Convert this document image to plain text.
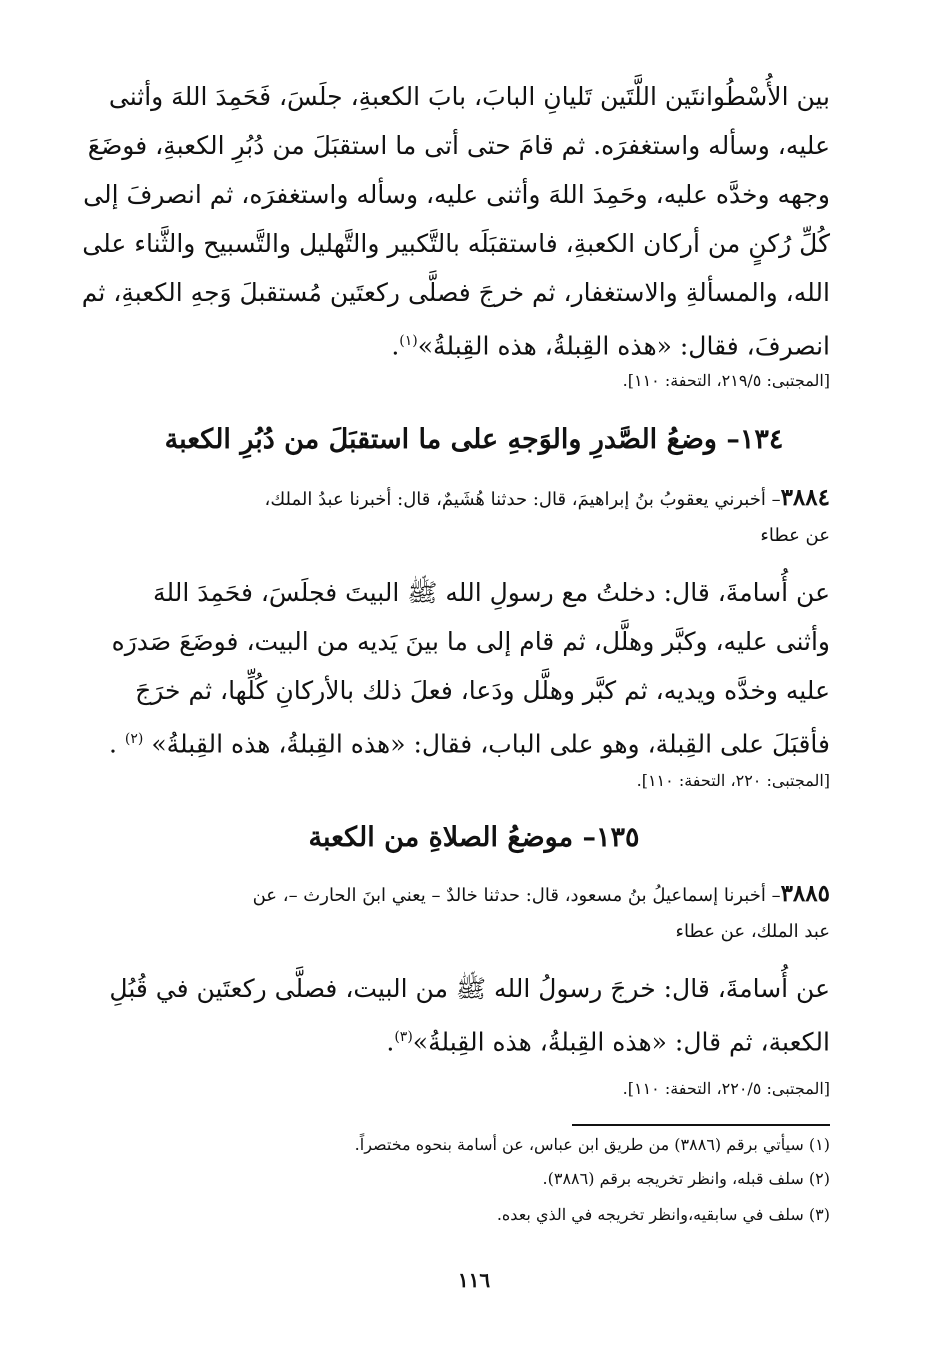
بين الأُسْطُوانتَين اللَّتَين تَليانِ البابَ، بابَ الكعبةِ، جلَسَ، فَحَمِدَ اللهَ وأثنى
عليه، وسأله واستغفرَه. ثم قامَ حتى أتى ما استقبَلَ من دُبُرِ الكعبةِ، فوضَعَ
وجهه وخدَّه عليه، وحَمِدَ اللهَ وأثنى عليه، وسأله واستغفرَه، ثم انصرفَ إلى
كُلِّ رُكنٍ من أركان الكعبةِ، فاستقبَلَه بالتَّكبير والتَّهليل والتَّسبيح والثَّناء على
الله، والمسألةِ والاستغفار، ثم خرجَ فصلَّى ركعتَين مُستقبلَ وَجهِ الكعبةِ، ثم
انصرفَ، فقال: «هذه القِبلةُ، هذه القِبلةُ»$^{(١)}$.
[المجتبى: ٢١٩/٥، التحفة: ١١٠].
١٣٤– وضعُ الصَّدرِ والوَجهِ على ما استقبَلَ من دُبُرِ الكعبة
٣٨٨٤– أخبرني يعقوبُ بنُ إبراهيمَ، قال: حدثنا هُشَيمٌ، قال: أخبرنا عبدُ الملك،
عن عطاء
عن أُسامةَ، قال: دخلتُ مع رسولِ الله ﷺ البيتَ فجلَسَ، فحَمِدَ اللهَ
وأثنى عليه، وكبَّر وهلَّل، ثم قام إلى ما بينَ يَديه من البيت، فوضَعَ صَدرَه
عليه وخدَّه ويديه، ثم كبَّر وهلَّل ودَعا، فعلَ ذلك بالأركانِ كُلِّها، ثم خرَجَ
فأقبَلَ على القِبلة، وهو على الباب، فقال: «هذه القِبلةُ، هذه القِبلةُ» $^{(٢)}$ .
[المجتبى: ٢٢٠، التحفة: ١١٠].
١٣٥– موضعُ الصلاةِ من الكعبة
٣٨٨٥– أخبرنا إسماعيلُ بنُ مسعود، قال: حدثنا خالدٌ – يعني ابنَ الحارث –، عن
عبد الملك، عن عطاء
عن أُسامةَ، قال: خرجَ رسولُ الله ﷺ من البيت، فصلَّى ركعتَين في قُبُلِ
الكعبة، ثم قال: «هذه القِبلةُ، هذه القِبلةُ»$^{(٣)}$.
[المجتبى: ٢٢٠/٥، التحفة: ١١٠].
(١) سيأتي برقم (٣٨٨٦) من طريق ابن عباس، عن أسامة بنحوه مختصراً.
(٢) سلف قبله، وانظر تخريجه برقم (٣٨٨٦).
(٣) سلف في سابقيه،وانظر تخريجه في الذي بعده.
١١٦
